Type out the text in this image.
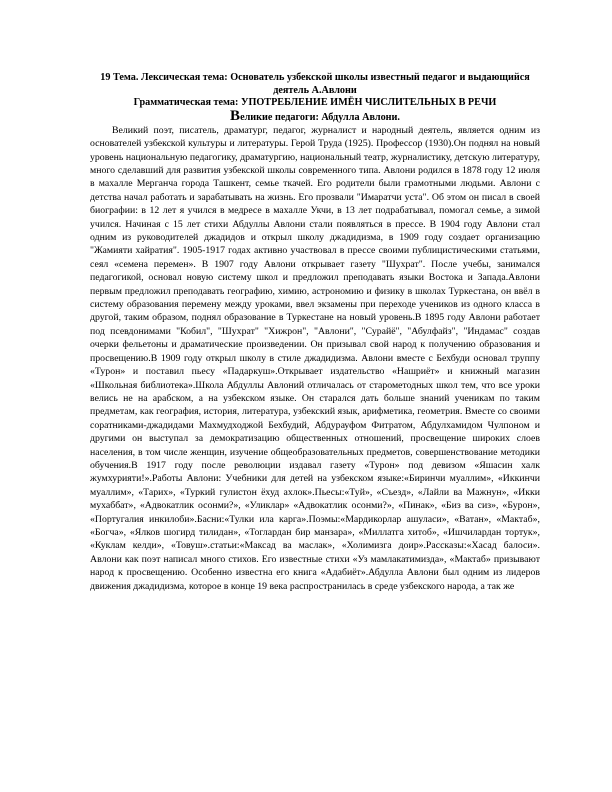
19 Тема. Лексическая тема: Основатель узбекской школы известный педагог и выдающийся деятель А.Авлони

Грамматическая тема: УПОТРЕБЛЕНИЕ ИМЁН ЧИСЛИТЕЛЬНЫХ В РЕЧИ

Великие педагоги: Абдулла Авлони.

Великий поэт, писатель, драматург, педагог, журналист и народный деятель, является одним из основателей узбекской культуры и литературы. Герой Труда (1925). Профессор (1930).Он поднял на новый уровень национальную педагогику, драматургию, национальный театр, журналистику, детскую литературу, много сделавший для развития узбекской школы современного типа. Авлони родился в 1878 году 12 июля в махалле Мерганча города Ташкент, семье ткачей. Его родители были грамотными людьми. Авлони с детства начал работать и зарабатывать на жизнь. Его прозвали "Имаратчи уста". Об этом он писал в своей биографии: в 12 лет я учился в медресе в махалле Укчи, в 13 лет подрабатывал, помогал семье, а зимой учился. Начиная с 15 лет стихи Абдуллы Авлони стали появляться в прессе. В 1904 году Авлони стал одним из руководителей джадидов и открыл школу джадидизма, в 1909 году создает организацию "Жамияти хайратия". 1905-1917 годах активно участвовал в прессе своими публицистическими статьями, сеял «семена перемен». В 1907 году Авлони открывает газету "Шухрат". После учебы, занимался педагогикой, основал новую систему школ и предложил преподавать языки Востока и Запада.Авлони первым предложил преподавать географию, химию, астрономию и физику в школах Туркестана, он ввёл в систему образования перемену между уроками, ввел экзамены при переходе учеников из одного класса в другой, таким образом, поднял образование в Туркестане на новый уровень.В 1895 году Авлони работает под псевдонимами "Кобил", "Шухрат" "Хижрон", "Авлони", "Сурайё", "Абулфайз", "Индамас" создав очерки фельетоны и драматические произведении. Он призывал свой народ к получению образования и просвещению.В 1909 году открыл школу в стиле джадидизма. Авлони вместе с Бехбуди основал труппу «Турон» и поставил пьесу «Падаркуш».Открывает издательство «Нашриёт» и книжный магазин «Школьная библиотека».Школа Абдуллы Авлоний отличалась от старометодных школ тем, что все уроки велись не на арабском, а на узбекском языке. Он старался дать больше знаний ученикам по таким предметам, как география, история, литература, узбекский язык, арифметика, геометрия. Вместе со своими соратниками-джадидами Махмудходжой Бехбудий, Абдурауфом Фитратом, Абдулхамидом Чулпоном и другими он выступал за демократизацию общественных отношений, просвещение широких слоев населения, в том числе женщин, изучение общеобразовательных предметов, совершенствование методики обучения.В 1917 году после революции издавал газету «Турон» под девизом «Яшасин халк жумхурияти!».Работы Авлони: Учебники для детей на узбекском языке:«Биринчи муаллим», «Иккинчи муаллим», «Тарих», «Туркий гулистон ёхуд ахлок».Пьесы:«Туй», «Съезд», «Лайли ва Мажнун», «Икки мухаббат», «Адвокатлик осонми?», «Уликлар» «Адвокатлик осонми?», «Пинак», «Биз ва сиз», «Бурон», «Португалия инкилоби».Басни:«Тулки ила карга».Поэмы:«Мардикорлар ашуласи», «Ватан», «Мактаб», «Богча», «Ялков шогирд тилидан», «Тоглардан бир манзара», «Миллатга хитоб», «Ишчилардан тортук», «Куклам келди», «Товуш».статьи:«Максад ва маслак», «Холимизга доир».Рассказы:«Хасад балоси». Авлони как поэт написал много стихов. Его известные стихи «Уз мамлакатимизда», «Мактаб» призывают народ к просвещению. Особенно известна его книга «Адабиёт».Абдулла Авлони был одним из лидеров движения джадидизма, которое в конце 19 века распространилась в среде узбекского народа, а так же
